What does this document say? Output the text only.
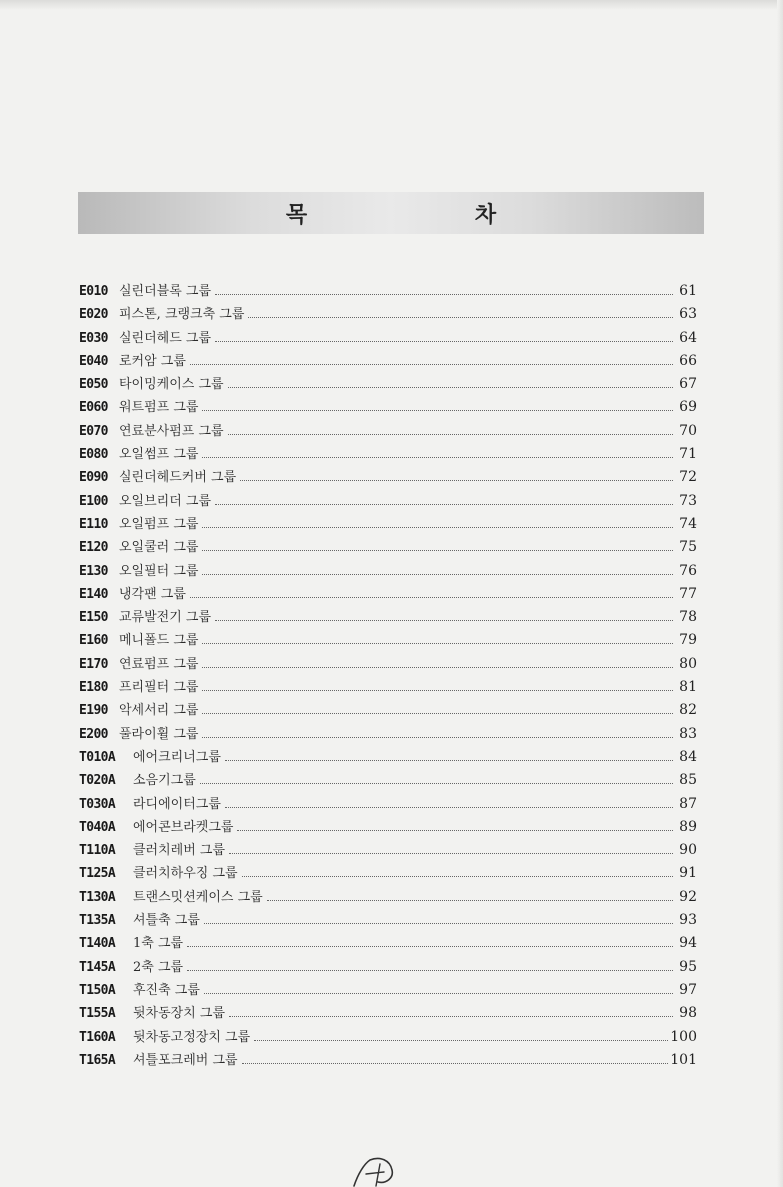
목 차
E010 실린더블록 그룹	61
E020 피스톤, 크랭크축 그룹	63
E030 실린더헤드 그룹	64
E040 로커암 그룹	66
E050 타이밍케이스 그룹	67
E060 워트펌프 그룹	69
E070 연료분사펌프 그룹	70
E080 오일썸프 그룹	71
E090 실린더헤드커버 그룹	72
E100 오일브리더 그룹	73
E110 오일펌프 그룹	74
E120 오일쿨러 그룹	75
E130 오일필터 그룹	76
E140 냉각팬 그룹	77
E150 교류발전기 그룹	78
E160 메니폴드 그룹	79
E170 연료펌프 그룹	80
E180 프리필터 그룹	81
E190 악세서리 그룹	82
E200 풀라이휠 그룹	83
T010A	에어크리너그룹	84
T020A	소음기그룹	85
T030A	라디에이터그룹	87
T040A	에어콘브라켓그룹	89
T110A	클러치레버 그룹	90
T125A	클러치하우징 그룹	91
T130A	트랜스밋션케이스 그룹	92
T135A	셔틀축 그룹	93
T140A	1축 그룹	94
T145A	2축 그룹	95
T150A	후진축 그룹	97
T155A	뒷차동장치 그룹	98
T160A	뒷차동고정장치 그룹	100
T165A	셔틀포크레버 그룹	101
